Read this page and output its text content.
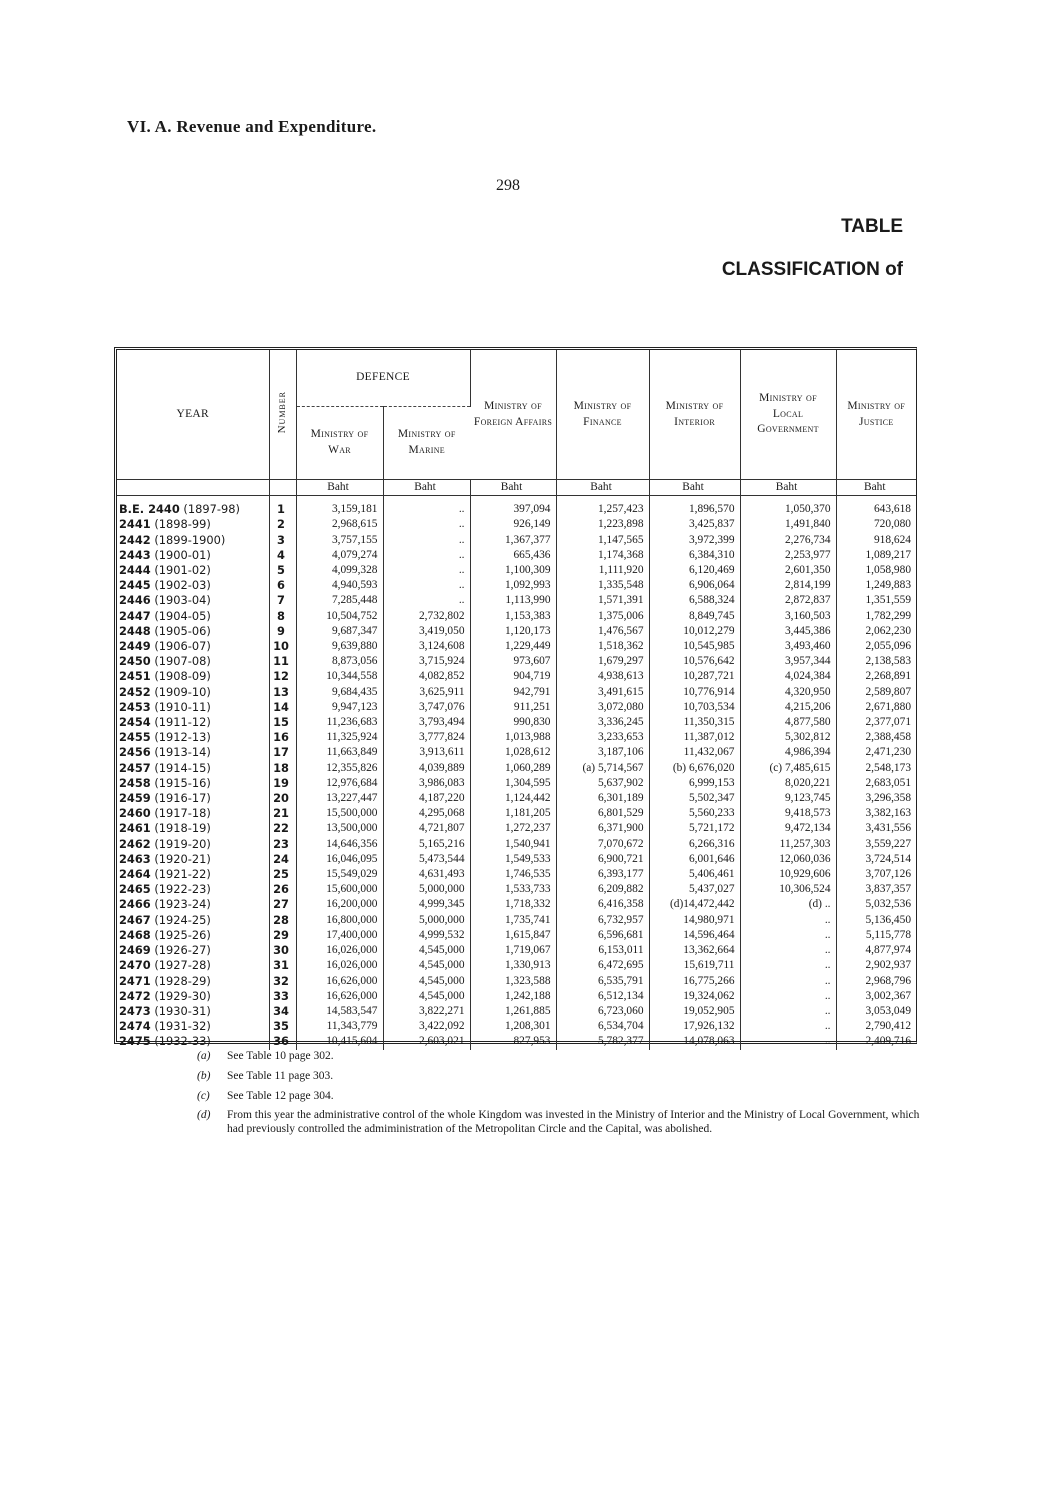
VI. A. Revenue and Expenditure.
298
TABLE
CLASSIFICATION of
YEAR	Number	DEFENCE		Ministry of Foreign Affairs	Ministry of Finance	Ministry of Interior	Ministry of Local Government	Ministry of Justice
		Ministry of War	Ministry of Marine					
		Baht	Baht	Baht	Baht	Baht	Baht	Baht

B.E. 2440 (1897-98)	1	3,159,181	..	397,094	1,257,423	1,896,570	1,050,370	643,618
2441 (1898-99)	2	2,968,615	..	926,149	1,223,898	3,425,837	1,491,840	720,080
2442 (1899-1900)	3	3,757,155	..	1,367,377	1,147,565	3,972,399	2,276,734	918,624
2443 (1900-01)	4	4,079,274	..	665,436	1,174,368	6,384,310	2,253,977	1,089,217
2444 (1901-02)	5	4,099,328	..	1,100,309	1,111,920	6,120,469	2,601,350	1,058,980
2445 (1902-03)	6	4,940,593	..	1,092,993	1,335,548	6,906,064	2,814,199	1,249,883
2446 (1903-04)	7	7,285,448	..	1,113,990	1,571,391	6,588,324	2,872,837	1,351,559
2447 (1904-05)	8	10,504,752	2,732,802	1,153,383	1,375,006	8,849,745	3,160,503	1,782,299
2448 (1905-06)	9	9,687,347	3,419,050	1,120,173	1,476,567	10,012,279	3,445,386	2,062,230
2449 (1906-07)	10	9,639,880	3,124,608	1,229,449	1,518,362	10,545,985	3,493,460	2,055,096
2450 (1907-08)	11	8,873,056	3,715,924	973,607	1,679,297	10,576,642	3,957,344	2,138,583
2451 (1908-09)	12	10,344,558	4,082,852	904,719	4,938,613	10,287,721	4,024,384	2,268,891
2452 (1909-10)	13	9,684,435	3,625,911	942,791	3,491,615	10,776,914	4,320,950	2,589,807
2453 (1910-11)	14	9,947,123	3,747,076	911,251	3,072,080	10,703,534	4,215,206	2,671,880
2454 (1911-12)	15	11,236,683	3,793,494	990,830	3,336,245	11,350,315	4,877,580	2,377,071
2455 (1912-13)	16	11,325,924	3,777,824	1,013,988	3,233,653	11,387,012	5,302,812	2,388,458
2456 (1913-14)	17	11,663,849	3,913,611	1,028,612	3,187,106	11,432,067	4,986,394	2,471,230
2457 (1914-15)	18	12,355,826	4,039,889	1,060,289	(a) 5,714,567	(b) 6,676,020	(c) 7,485,615	2,548,173
2458 (1915-16)	19	12,976,684	3,986,083	1,304,595	5,637,902	6,999,153	8,020,221	2,683,051
2459 (1916-17)	20	13,227,447	4,187,220	1,124,442	6,301,189	5,502,347	9,123,745	3,296,358
2460 (1917-18)	21	15,500,000	4,295,068	1,181,205	6,801,529	5,560,233	9,418,573	3,382,163
2461 (1918-19)	22	13,500,000	4,721,807	1,272,237	6,371,900	5,721,172	9,472,134	3,431,556
2462 (1919-20)	23	14,646,356	5,165,216	1,540,941	7,070,672	6,266,316	11,257,303	3,559,227
2463 (1920-21)	24	16,046,095	5,473,544	1,549,533	6,900,721	6,001,646	12,060,036	3,724,514
2464 (1921-22)	25	15,549,029	4,631,493	1,746,535	6,393,177	5,406,461	10,929,606	3,707,126
2465 (1922-23)	26	15,600,000	5,000,000	1,533,733	6,209,882	5,437,027	10,306,524	3,837,357
2466 (1923-24)	27	16,200,000	4,999,345	1,718,332	6,416,358	(d)14,472,442	(d) ..	5,032,536
2467 (1924-25)	28	16,800,000	5,000,000	1,735,741	6,732,957	14,980,971	..	5,136,450
2468 (1925-26)	29	17,400,000	4,999,532	1,615,847	6,596,681	14,596,464	..	5,115,778
2469 (1926-27)	30	16,026,000	4,545,000	1,719,067	6,153,011	13,362,664	..	4,877,974
2470 (1927-28)	31	16,026,000	4,545,000	1,330,913	6,472,695	15,619,711	..	2,902,937
2471 (1928-29)	32	16,626,000	4,545,000	1,323,588	6,535,791	16,775,266	..	2,968,796
2472 (1929-30)	33	16,626,000	4,545,000	1,242,188	6,512,134	19,324,062	..	3,002,367
2473 (1930-31)	34	14,583,547	3,822,271	1,261,885	6,723,060	19,052,905	..	3,053,049
2474 (1931-32)	35	11,343,779	3,422,092	1,208,301	6,534,704	17,926,132	..	2,790,412
2475 (1932-33)	36	10,415,604	2,603,021	827,953	5,782,377	14,078,063	..	2,409,716
(a) See Table 10 page 302.
(b) See Table 11 page 303.
(c) See Table 12 page 304.
(d)	From this year the administrative control of the whole Kingdom was invested in the Ministry of Interior and the Ministry of Local Government, which had previously controlled the admiministration of the Metropolitan Circle and the Capital, was abolished.
